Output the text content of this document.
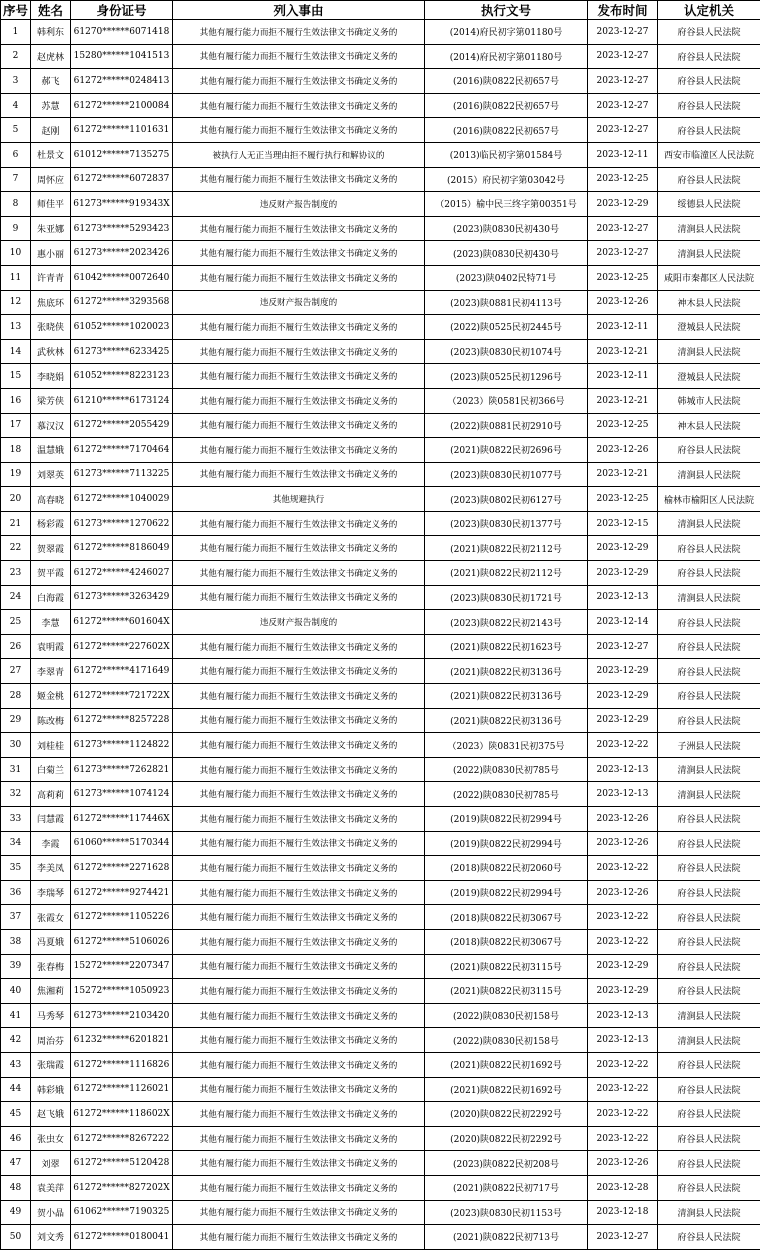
序号	姓名	身份证号	列入事由	执行文号	发布时间	认定机关
1	韩利东	61270******6071418	其他有履行能力而拒不履行生效法律文书确定义务的	(2014)府民初字第01180号	2023-12-27	府谷县人民法院
2	赵虎林	15280******1041513	其他有履行能力而拒不履行生效法律文书确定义务的	(2014)府民初字第01180号	2023-12-27	府谷县人民法院
3	郝飞	61272******0248413	其他有履行能力而拒不履行生效法律文书确定义务的	(2016)陕0822民初657号	2023-12-27	府谷县人民法院
4	苏慧	61272******2100084	其他有履行能力而拒不履行生效法律文书确定义务的	(2016)陕0822民初657号	2023-12-27	府谷县人民法院
5	赵刚	61272******1101631	其他有履行能力而拒不履行生效法律文书确定义务的	(2016)陕0822民初657号	2023-12-27	府谷县人民法院
6	杜景文	61012******7135275	被执行人无正当理由拒不履行执行和解协议的	(2013)临民初字第01584号	2023-12-11	西安市临潼区人民法院
7	周怀应	61272******6072837	其他有履行能力而拒不履行生效法律文书确定义务的	(2015）府民初字第03042号	2023-12-25	府谷县人民法院
8	师佳平	61273******919343X	违反财产报告制度的	（2015）榆中民三终字第00351号	2023-12-29	绥德县人民法院
9	朱亚娜	61273******5293423	其他有履行能力而拒不履行生效法律文书确定义务的	(2023)陕0830民初430号	2023-12-27	清涧县人民法院
10	惠小丽	61273******2023426	其他有履行能力而拒不履行生效法律文书确定义务的	(2023)陕0830民初430号	2023-12-27	清涧县人民法院
11	许青青	61042******0072640	其他有履行能力而拒不履行生效法律文书确定义务的	(2023)陕0402民特71号	2023-12-25	咸阳市秦都区人民法院
12	焦底环	61272******3293568	违反财产报告制度的	(2023)陕0881民初4113号	2023-12-26	神木县人民法院
13	张晓侠	61052******1020023	其他有履行能力而拒不履行生效法律文书确定义务的	(2022)陕0525民初2445号	2023-12-11	澄城县人民法院
14	武秋林	61273******6233425	其他有履行能力而拒不履行生效法律文书确定义务的	(2023)陕0830民初1074号	2023-12-21	清涧县人民法院
15	李晓娟	61052******8223123	其他有履行能力而拒不履行生效法律文书确定义务的	(2023)陕0525民初1296号	2023-12-11	澄城县人民法院
16	梁芳侠	61210******6173124	其他有履行能力而拒不履行生效法律文书确定义务的	（2023）陕0581民初366号	2023-12-21	韩城市人民法院
17	慕汉汉	61272******2055429	其他有履行能力而拒不履行生效法律文书确定义务的	(2022)陕0881民初2910号	2023-12-25	神木县人民法院
18	温慧娥	61272******7170464	其他有履行能力而拒不履行生效法律文书确定义务的	(2021)陕0822民初2696号	2023-12-26	府谷县人民法院
19	刘翠英	61273******7113225	其他有履行能力而拒不履行生效法律文书确定义务的	(2023)陕0830民初1077号	2023-12-21	清涧县人民法院
20	高春晓	61272******1040029	其他规避执行	(2023)陕0802民初6127号	2023-12-25	榆林市榆阳区人民法院
21	杨彩霞	61273******1270622	其他有履行能力而拒不履行生效法律文书确定义务的	(2023)陕0830民初1377号	2023-12-15	清涧县人民法院
22	贺翠霞	61272******8186049	其他有履行能力而拒不履行生效法律文书确定义务的	(2021)陕0822民初2112号	2023-12-29	府谷县人民法院
23	贺平霞	61272******4246027	其他有履行能力而拒不履行生效法律文书确定义务的	(2021)陕0822民初2112号	2023-12-29	府谷县人民法院
24	白海霞	61273******3263429	其他有履行能力而拒不履行生效法律文书确定义务的	(2023)陕0830民初1721号	2023-12-13	清涧县人民法院
25	李慧	61272******601604X	违反财产报告制度的	(2023)陕0822民初2143号	2023-12-14	府谷县人民法院
26	袁明霞	61272******227602X	其他有履行能力而拒不履行生效法律文书确定义务的	(2021)陕0822民初1623号	2023-12-27	府谷县人民法院
27	李翠青	61272******4171649	其他有履行能力而拒不履行生效法律文书确定义务的	(2021)陕0822民初3136号	2023-12-29	府谷县人民法院
28	姬金桃	61272******721722X	其他有履行能力而拒不履行生效法律文书确定义务的	(2021)陕0822民初3136号	2023-12-29	府谷县人民法院
29	陈改梅	61272******8257228	其他有履行能力而拒不履行生效法律文书确定义务的	(2021)陕0822民初3136号	2023-12-29	府谷县人民法院
30	刘桂桂	61273******1124822	其他有履行能力而拒不履行生效法律文书确定义务的	（2023）陕0831民初375号	2023-12-22	子洲县人民法院
31	白菊兰	61273******7262821	其他有履行能力而拒不履行生效法律文书确定义务的	(2022)陕0830民初785号	2023-12-13	清涧县人民法院
32	高莉莉	61273******1074124	其他有履行能力而拒不履行生效法律文书确定义务的	(2022)陕0830民初785号	2023-12-13	清涧县人民法院
33	闫慧霞	61272******117446X	其他有履行能力而拒不履行生效法律文书确定义务的	(2019)陕0822民初2994号	2023-12-26	府谷县人民法院
34	李霞	61060******5170344	其他有履行能力而拒不履行生效法律文书确定义务的	(2019)陕0822民初2994号	2023-12-26	府谷县人民法院
35	李美凤	61272******2271628	其他有履行能力而拒不履行生效法律文书确定义务的	(2018)陕0822民初2060号	2023-12-22	府谷县人民法院
36	李瑞琴	61272******9274421	其他有履行能力而拒不履行生效法律文书确定义务的	(2019)陕0822民初2994号	2023-12-26	府谷县人民法院
37	张霞女	61272******1105226	其他有履行能力而拒不履行生效法律文书确定义务的	(2018)陕0822民初3067号	2023-12-22	府谷县人民法院
38	冯夏娥	61272******5106026	其他有履行能力而拒不履行生效法律文书确定义务的	(2018)陕0822民初3067号	2023-12-22	府谷县人民法院
39	张春梅	15272******2207347	其他有履行能力而拒不履行生效法律文书确定义务的	(2021)陕0822民初3115号	2023-12-29	府谷县人民法院
40	焦湘莉	15272******1050923	其他有履行能力而拒不履行生效法律文书确定义务的	(2021)陕0822民初3115号	2023-12-29	府谷县人民法院
41	马秀琴	61273******2103420	其他有履行能力而拒不履行生效法律文书确定义务的	(2022)陕0830民初158号	2023-12-13	清涧县人民法院
42	周治芬	61232******6201821	其他有履行能力而拒不履行生效法律文书确定义务的	(2022)陕0830民初158号	2023-12-13	清涧县人民法院
43	张瑞霞	61272******1116826	其他有履行能力而拒不履行生效法律文书确定义务的	(2021)陕0822民初1692号	2023-12-22	府谷县人民法院
44	韩彩娥	61272******1126021	其他有履行能力而拒不履行生效法律文书确定义务的	(2021)陕0822民初1692号	2023-12-22	府谷县人民法院
45	赵飞娥	61272******118602X	其他有履行能力而拒不履行生效法律文书确定义务的	(2020)陕0822民初2292号	2023-12-22	府谷县人民法院
46	张虫女	61272******8267222	其他有履行能力而拒不履行生效法律文书确定义务的	(2020)陕0822民初2292号	2023-12-22	府谷县人民法院
47	刘翠	61272******5120428	其他有履行能力而拒不履行生效法律文书确定义务的	(2023)陕0822民初208号	2023-12-26	府谷县人民法院
48	袁美萍	61272******827202X	其他有履行能力而拒不履行生效法律文书确定义务的	(2021)陕0822民初717号	2023-12-28	府谷县人民法院
49	贺小晶	61062******7190325	其他有履行能力而拒不履行生效法律文书确定义务的	(2023)陕0830民初1153号	2023-12-18	清涧县人民法院
50	刘文秀	61272******0180041	其他有履行能力而拒不履行生效法律文书确定义务的	(2021)陕0822民初713号	2023-12-27	府谷县人民法院
